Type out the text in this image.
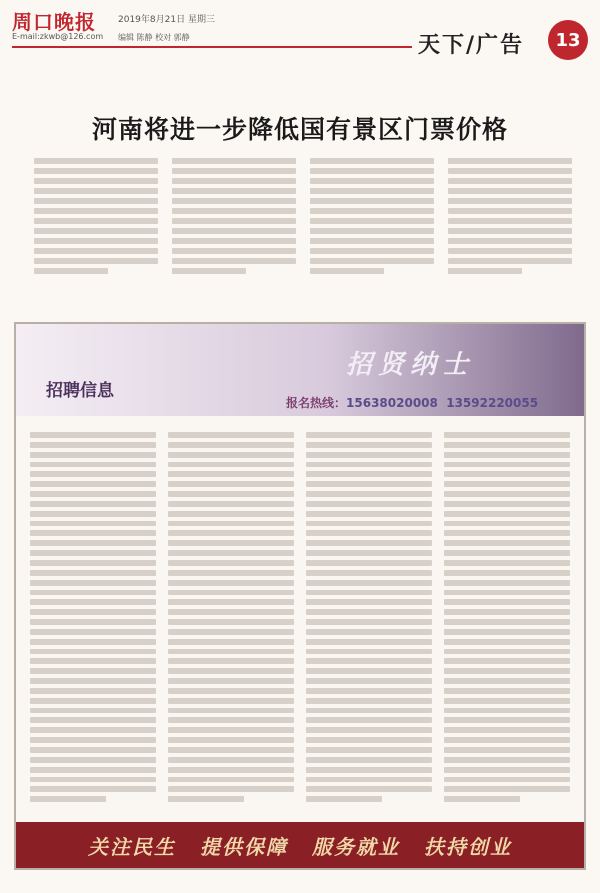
周口晚报 2019年8月21日 星期三
E-mail:zkwb@126.com 编辑 陈静 校对 郭静	天下/广告	13
河南将进一步降低国有景区门票价格
招贤纳士
招聘信息
报名热线：15638020008 13592220055
关注民生 提供保障 服务就业 扶持创业
